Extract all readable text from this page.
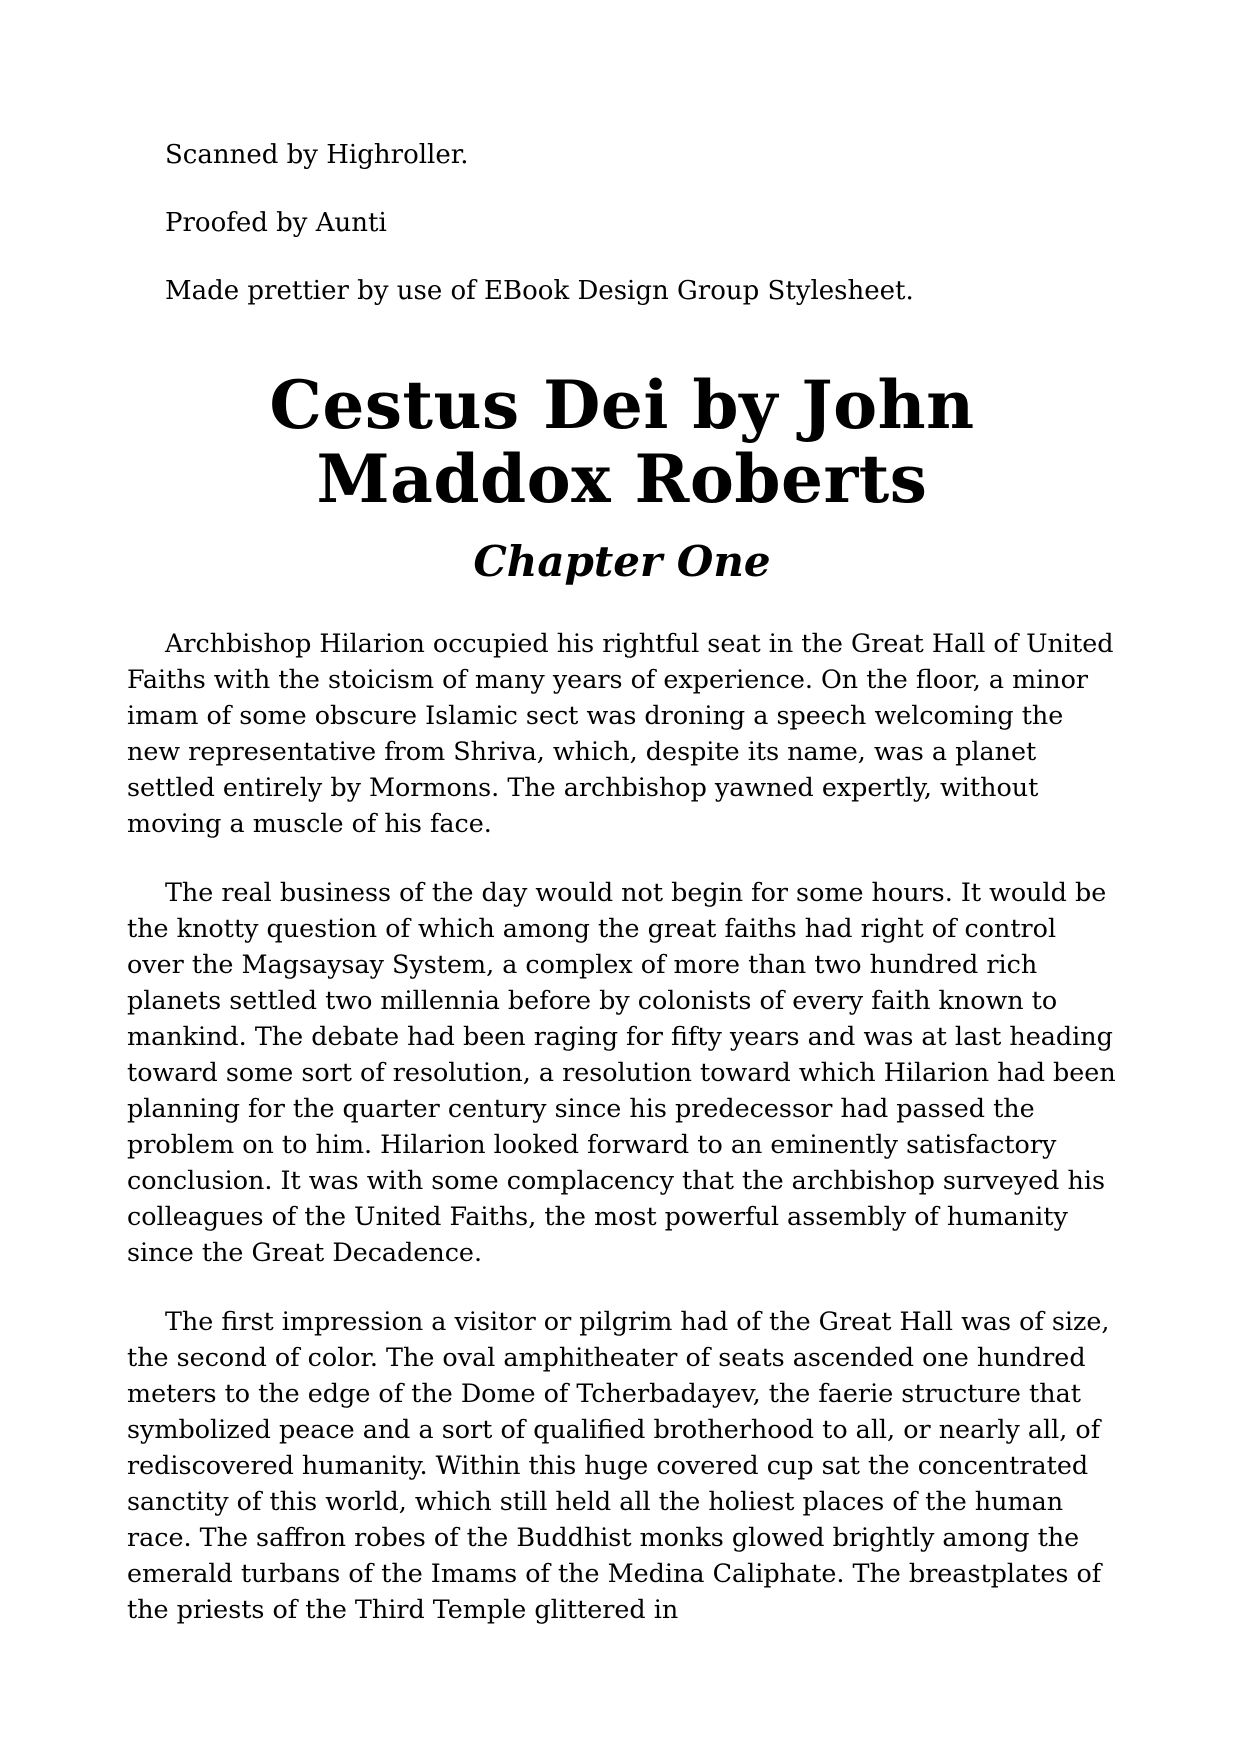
Scanned by Highroller.

Proofed by Aunti

Made prettier by use of EBook Design Group Stylesheet.

Cestus Dei by John Maddox Roberts
Chapter One

Archbishop Hilarion occupied his rightful seat in the Great Hall of United Faiths with the stoicism of many years of experience. On the floor, a minor imam of some obscure Islamic sect was droning a speech welcoming the new representative from Shriva, which, despite its name, was a planet settled entirely by Mormons. The archbishop yawned expertly, without moving a muscle of his face.

The real business of the day would not begin for some hours. It would be the knotty question of which among the great faiths had right of control over the Magsaysay System, a complex of more than two hundred rich planets settled two millennia before by colonists of every faith known to mankind. The debate had been raging for fifty years and was at last heading toward some sort of resolution, a resolution toward which Hilarion had been planning for the quarter century since his predecessor had passed the problem on to him. Hilarion looked forward to an eminently satisfactory conclusion. It was with some complacency that the archbishop surveyed his colleagues of the United Faiths, the most powerful assembly of humanity since the Great Decadence.

The first impression a visitor or pilgrim had of the Great Hall was of size, the second of color. The oval amphitheater of seats ascended one hundred meters to the edge of the Dome of Tcherbadayev, the faerie structure that symbolized peace and a sort of qualified brotherhood to all, or nearly all, of rediscovered humanity. Within this huge covered cup sat the concentrated sanctity of this world, which still held all the holiest places of the human race. The saffron robes of the Buddhist monks glowed brightly among the emerald turbans of the Imams of the Medina Caliphate. The breastplates of the priests of the Third Temple glittered in
